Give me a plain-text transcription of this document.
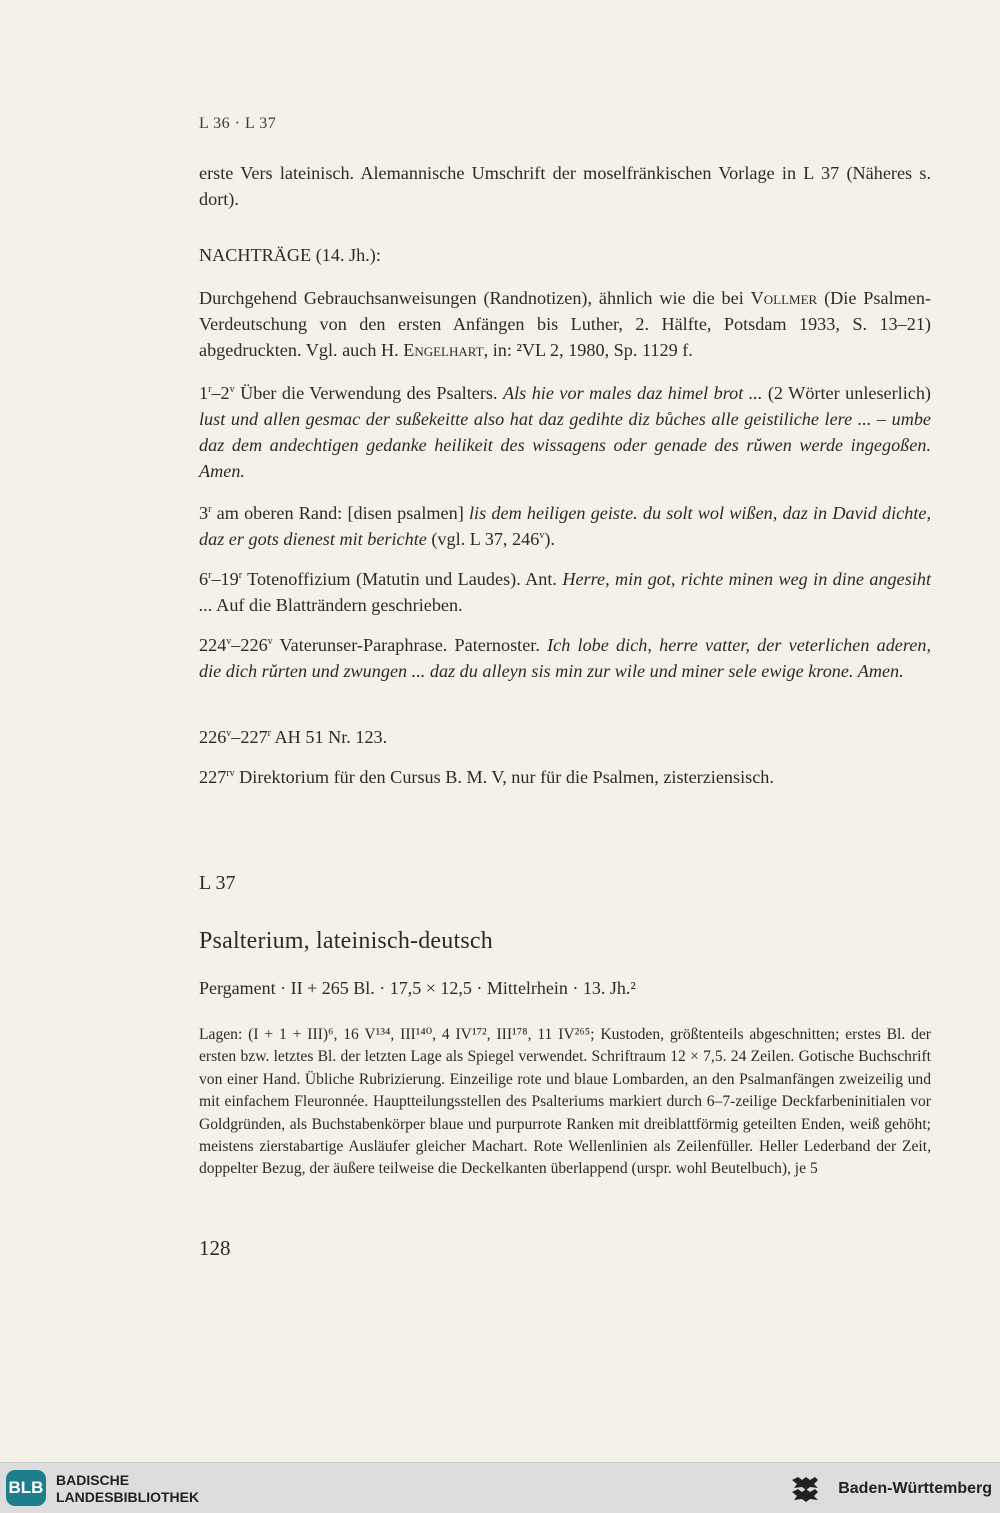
L 36 · L 37

erste Vers lateinisch. Alemannische Umschrift der moselfränkischen Vorlage in L 37 (Näheres s. dort).

NACHTRÄGE (14. Jh.):

Durchgehend Gebrauchsanweisungen (Randnotizen), ähnlich wie die bei Vollmer (Die Psalmen-Verdeutschung von den ersten Anfängen bis Luther, 2. Hälfte, Potsdam 1933, S. 13–21) abgedruckten. Vgl. auch H. Engelhart, in: ²VL 2, 1980, Sp. 1129 f.

1$^r$–2$^v$ Über die Verwendung des Psalters. Als hie vor males daz himel brot ... (2 Wörter unleserlich) lust und allen gesmac der sußekeitte also hat daz gedihte diz bůches alle geistiliche lere ... – umbe daz dem andechtigen gedanke heilikeit des wissagens oder genade des rǔwen werde ingegoßen. Amen.

3$^r$ am oberen Rand: [disen psalmen] lis dem heiligen geiste. du solt wol wißen, daz in David dichte, daz er gots dienest mit berichte (vgl. L 37, 246$^v$).

6$^r$–19$^r$ Totenoffizium (Matutin und Laudes). Ant. Herre, min got, richte minen weg in dine angesiht ... Auf die Blatträndern geschrieben.

224$^v$–226$^v$ Vaterunser-Paraphrase. Paternoster. Ich lobe dich, herre vatter, der veterlichen aderen, die dich rǔrten und zwungen ... daz du alleyn sis min zur wile und miner sele ewige krone. Amen.

226$^v$–227$^r$ AH 51 Nr. 123.

$227^{rv}$ Direktorium für den Cursus B. M. V, nur für die Psalmen, zisterziensisch.

L 37
Psalterium, lateinisch-deutsch
Pergament · II + 265 Bl. · 17,5 × 12,5 · Mittelrhein · 13. Jh.²

Lagen: (I + 1 + III)⁶, 16 V¹³⁴, III¹⁴⁰, 4 IV¹⁷², III¹⁷⁸, 11 IV²⁶⁵; Kustoden, größtenteils abgeschnitten; erstes Bl. der ersten bzw. letztes Bl. der letzten Lage als Spiegel verwendet. Schriftraum 12 × 7,5. 24 Zeilen. Gotische Buchschrift von einer Hand. Übliche Rubrizierung. Einzeilige rote und blaue Lombarden, an den Psalmanfängen zweizeilig und mit einfachem Fleuronnée. Hauptteilungsstellen des Psalteriums markiert durch 6–7-zeilige Deckfarbeninitialen vor Goldgründen, als Buchstabenkörper blaue und purpurrote Ranken mit dreiblattförmig geteilten Enden, weiß gehöht; meistens zierstabartige Ausläufer gleicher Machart. Rote Wellenlinien als Zeilenfüller. Heller Lederband der Zeit, doppelter Bezug, der äußere teilweise die Deckelkanten überlappend (urspr. wohl Beutelbuch), je 5

128
BLB BADISCHE
LANDESBIBLIOTHEK	Baden-Württemberg
